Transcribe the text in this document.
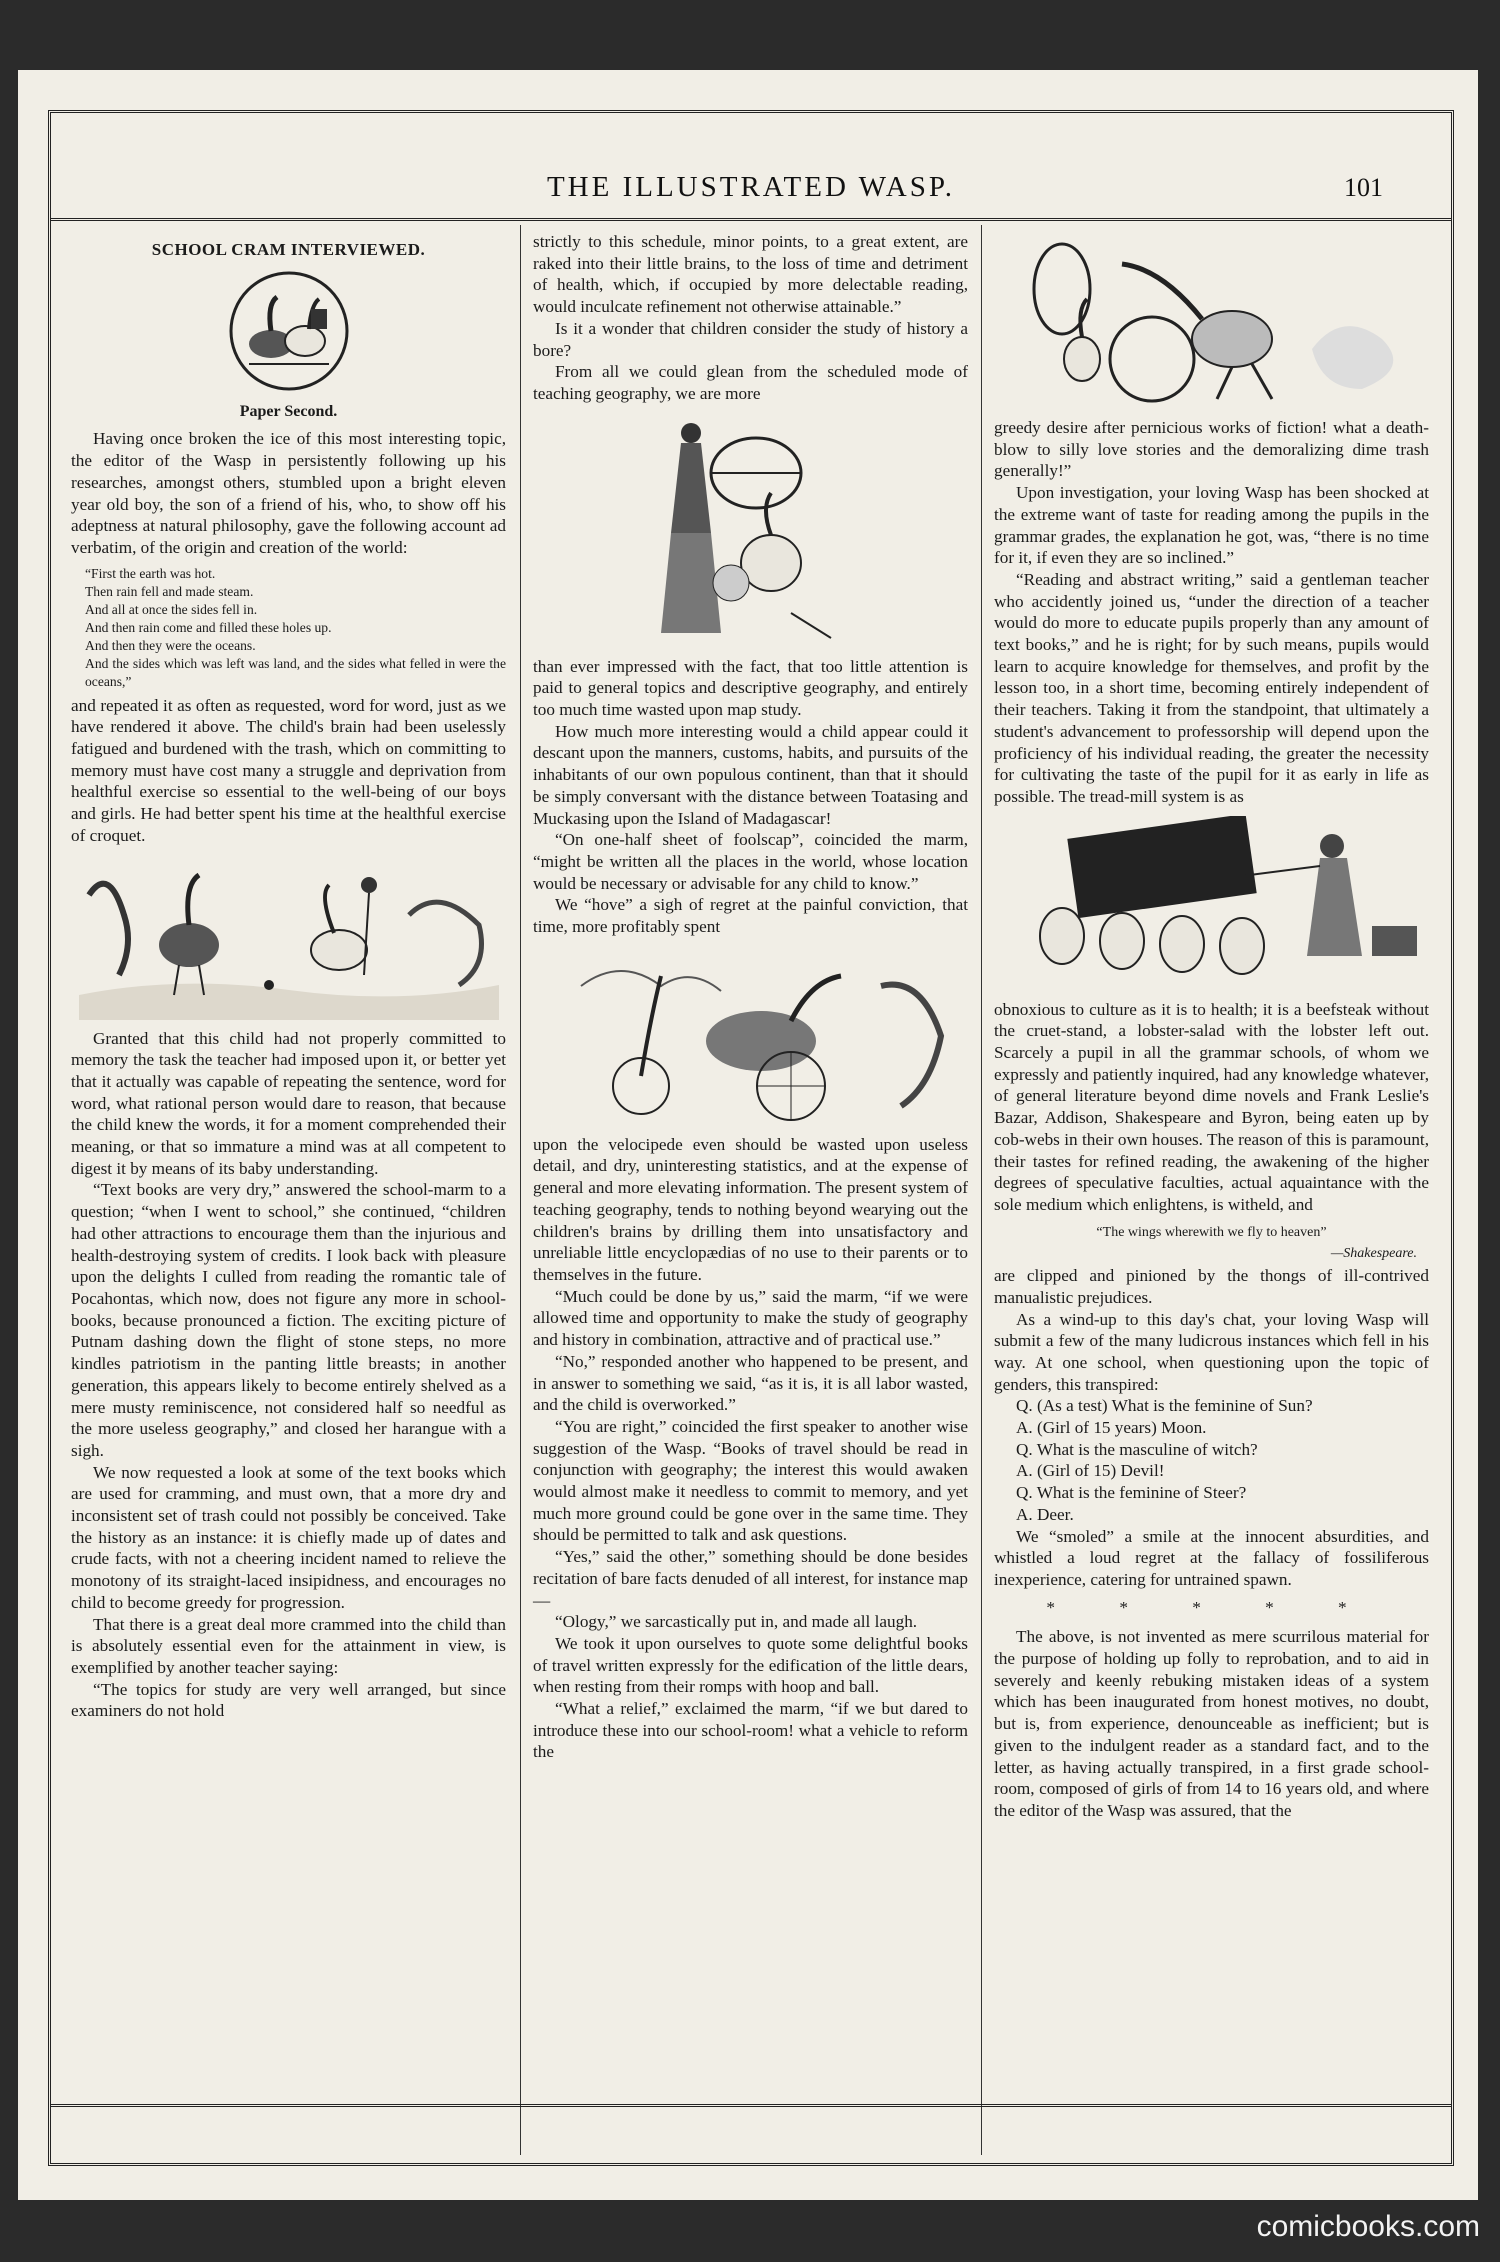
THE ILLUSTRATED WASP.	101

SCHOOL CRAM INTERVIEWED.

Paper Second.

Having once broken the ice of this most interesting topic, the editor of the Wasp in persistently following up his researches, amongst others, stumbled upon a bright eleven year old boy, the son of a friend of his, who, to show off his adeptness at natural philosophy, gave the following account ad verbatim, of the origin and creation of the world:

“First the earth was hot.

Then rain fell and made steam.

And all at once the sides fell in.

And then rain come and filled these holes up.

And then they were the oceans.

And the sides which was left was land, and the sides what felled in were the oceans,”

and repeated it as often as requested, word for word, just as we have rendered it above. The child's brain had been uselessly fatigued and burdened with the trash, which on committing to memory must have cost many a struggle and deprivation from healthful exercise so essential to the well-being of our boys and girls. He had better spent his time at the healthful exercise of croquet.

Granted that this child had not properly committed to memory the task the teacher had imposed upon it, or better yet that it actually was capable of repeating the sentence, word for word, what rational person would dare to reason, that because the child knew the words, it for a moment comprehended their meaning, or that so immature a mind was at all competent to digest it by means of its baby understanding.

“Text books are very dry,” answered the school-marm to a question; “when I went to school,” she continued, “children had other attractions to encourage them than the injurious and health-destroying system of credits. I look back with pleasure upon the delights I culled from reading the romantic tale of Pocahontas, which now, does not figure any more in school-books, because pronounced a fiction. The exciting picture of Putnam dashing down the flight of stone steps, no more kindles patriotism in the panting little breasts; in another generation, this appears likely to become entirely shelved as a mere musty reminiscence, not considered half so needful as the more useless geography,” and closed her harangue with a sigh.

We now requested a look at some of the text books which are used for cramming, and must own, that a more dry and inconsistent set of trash could not possibly be conceived. Take the history as an instance: it is chiefly made up of dates and crude facts, with not a cheering incident named to relieve the monotony of its straight-laced insipidness, and encourages no child to become greedy for progression.

That there is a great deal more crammed into the child than is absolutely essential even for the attainment in view, is exemplified by another teacher saying:

“The topics for study are very well arranged, but since examiners do not hold

strictly to this schedule, minor points, to a great extent, are raked into their little brains, to the loss of time and detriment of health, which, if occupied by more delectable reading, would inculcate refinement not otherwise attainable.”

Is it a wonder that children consider the study of history a bore?

From all we could glean from the scheduled mode of teaching geography, we are more

than ever impressed with the fact, that too little attention is paid to general topics and descriptive geography, and entirely too much time wasted upon map study.

How much more interesting would a child appear could it descant upon the manners, customs, habits, and pursuits of the inhabitants of our own populous continent, than that it should be simply conversant with the distance between Toatasing and Muckasing upon the Island of Madagascar!

“On one-half sheet of foolscap”, coincided the marm, “might be written all the places in the world, whose location would be necessary or advisable for any child to know.”

We “hove” a sigh of regret at the painful conviction, that time, more profitably spent

upon the velocipede even should be wasted upon useless detail, and dry, uninteresting statistics, and at the expense of general and more elevating information. The present system of teaching geography, tends to nothing beyond wearying out the children's brains by drilling them into unsatisfactory and unreliable little encyclopædias of no use to their parents or to themselves in the future.

“Much could be done by us,” said the marm, “if we were allowed time and opportunity to make the study of geography and history in combination, attractive and of practical use.”

“No,” responded another who happened to be present, and in answer to something we said, “as it is, it is all labor wasted, and the child is overworked.”

“You are right,” coincided the first speaker to another wise suggestion of the Wasp. “Books of travel should be read in conjunction with geography; the interest this would awaken would almost make it needless to commit to memory, and yet much more ground could be gone over in the same time. They should be permitted to talk and ask questions.

“Yes,” said the other,” something should be done besides recitation of bare facts denuded of all interest, for instance map—

“Ology,” we sarcastically put in, and made all laugh.

We took it upon ourselves to quote some delightful books of travel written expressly for the edification of the little dears, when resting from their romps with hoop and ball.

“What a relief,” exclaimed the marm, “if we but dared to introduce these into our school-room! what a vehicle to reform the

greedy desire after pernicious works of fiction! what a death-blow to silly love stories and the demoralizing dime trash generally!”

Upon investigation, your loving Wasp has been shocked at the extreme want of taste for reading among the pupils in the grammar grades, the explanation he got, was, “there is no time for it, if even they are so inclined.”

“Reading and abstract writing,” said a gentleman teacher who accidently joined us, “under the direction of a teacher would do more to educate pupils properly than any amount of text books,” and he is right; for by such means, pupils would learn to acquire knowledge for themselves, and profit by the lesson too, in a short time, becoming entirely independent of their teachers. Taking it from the standpoint, that ultimately a student's advancement to professorship will depend upon the proficiency of his individual reading, the greater the necessity for cultivating the taste of the pupil for it as early in life as possible. The tread-mill system is as

obnoxious to culture as it is to health; it is a beefsteak without the cruet-stand, a lobster-salad with the lobster left out. Scarcely a pupil in all the grammar schools, of whom we expressly and patiently inquired, had any knowledge whatever, of general literature beyond dime novels and Frank Leslie's Bazar, Addison, Shakespeare and Byron, being eaten up by cob-webs in their own houses. The reason of this is paramount, their tastes for refined reading, the awakening of the higher degrees of speculative faculties, actual aquaintance with the sole medium which enlightens, is witheld, and

“The wings wherewith we fly to heaven”

—Shakespeare.

are clipped and pinioned by the thongs of ill-contrived manualistic prejudices.

As a wind-up to this day's chat, your loving Wasp will submit a few of the many ludicrous instances which fell in his way. At one school, when questioning upon the topic of genders, this transpired:

Q. (As a test) What is the feminine of Sun?

A. (Girl of 15 years) Moon.

Q. What is the masculine of witch?

A. (Girl of 15) Devil!

Q. What is the feminine of Steer?

A. Deer.

We “smoled” a smile at the innocent absurdities, and whistled a loud regret at the fallacy of fossiliferous inexperience, catering for untrained spawn.

* * * * *

The above, is not invented as mere scurrilous material for the purpose of holding up folly to reprobation, and to aid in severely and keenly rebuking mistaken ideas of a system which has been inaugurated from honest motives, no doubt, but is, from experience, denounceable as inefficient; but is given to the indulgent reader as a standard fact, and to the letter, as having actually transpired, in a first grade school-room, composed of girls of from 14 to 16 years old, and where the editor of the Wasp was assured, that the

comicbooks.com
